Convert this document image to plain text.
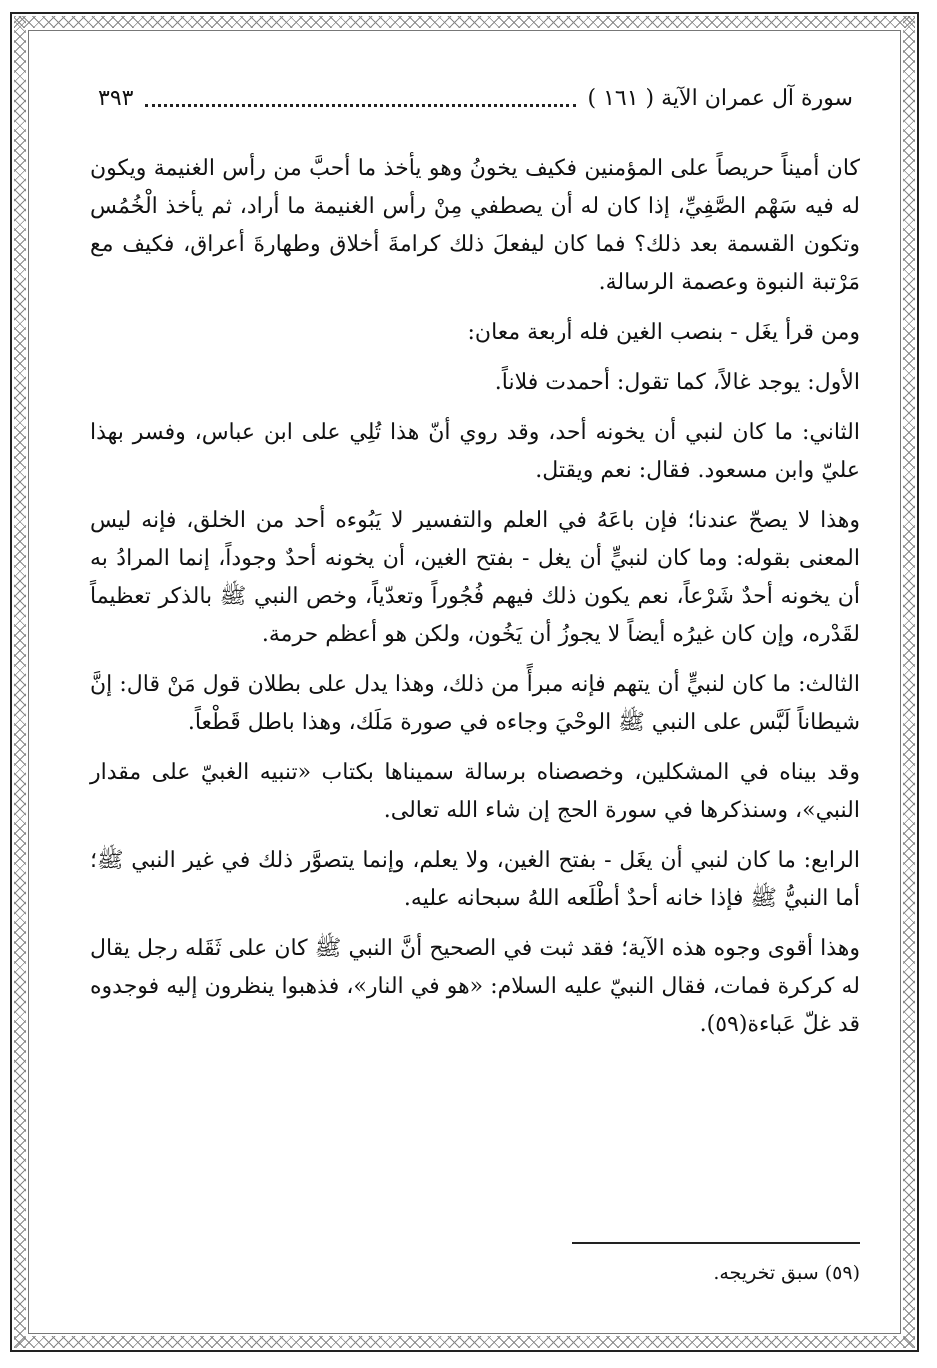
سورة آل عمران الآية ( ١٦١ )
٣٩٣

كان أميناً حريصاً على المؤمنين فكيف يخونُ وهو يأخذ ما أحبَّ من رأس الغنيمة ويكون له فيه سَهْم الصَّفِيِّ، إذا كان له أن يصطفي مِنْ رأس الغنيمة ما أراد، ثم يأخذ الْخُمُس وتكون القسمة بعد ذلك؟ فما كان ليفعلَ ذلك كرامةَ أخلاق وطهارةَ أعراق، فكيف مع مَرْتبة النبوة وعصمة الرسالة.

ومن قرأ يغَل - بنصب الغين فله أربعة معان:

الأول: يوجد غالاً، كما تقول: أحمدت فلاناً.

الثاني: ما كان لنبي أن يخونه أحد، وقد روي أنّ هذا تُلِي على ابن عباس، وفسر بهذا عليّ وابن مسعود. فقال: نعم ويقتل.

وهذا لا يصحّ عندنا؛ فإن باعَهُ في العلم والتفسير لا يَبُوءه أحد من الخلق، فإنه ليس المعنى بقوله: وما كان لنبيٍّ أن يغل - بفتح الغين، أن يخونه أحدٌ وجوداً، إنما المرادُ به أن يخونه أحدٌ شَرْعاً، نعم يكون ذلك فيهم فُجُوراً وتعدّياً، وخص النبي ﷺ بالذكر تعظيماً لقَدْره، وإن كان غيرُه أيضاً لا يجوزُ أن يَخُون، ولكن هو أعظم حرمة.

الثالث: ما كان لنبيٍّ أن يتهم فإنه مبرأً من ذلك، وهذا يدل على بطلان قول مَنْ قال: إنَّ شيطاناً لَبَّس على النبي ﷺ الوحْيَ وجاءه في صورة مَلَك، وهذا باطل قَطْعاً.

وقد بيناه في المشكلين، وخصصناه برسالة سميناها بكتاب «تنبيه الغبيّ على مقدار النبي»، وسنذكرها في سورة الحج إن شاء الله تعالى.

الرابع: ما كان لنبي أن يغَل - بفتح الغين، ولا يعلم، وإنما يتصوَّر ذلك في غير النبي ﷺ؛ أما النبيُّ ﷺ فإذا خانه أحدٌ أطْلَعه اللهُ سبحانه عليه.

وهذا أقوى وجوه هذه الآية؛ فقد ثبت في الصحيح أنَّ النبي ﷺ كان على ثَقَله رجل يقال له كركرة فمات، فقال النبيّ عليه السلام: «هو في النار»، فذهبوا ينظرون إليه فوجدوه قد غلّ عَباءة(٥٩).

(٥٩) سبق تخريجه.
